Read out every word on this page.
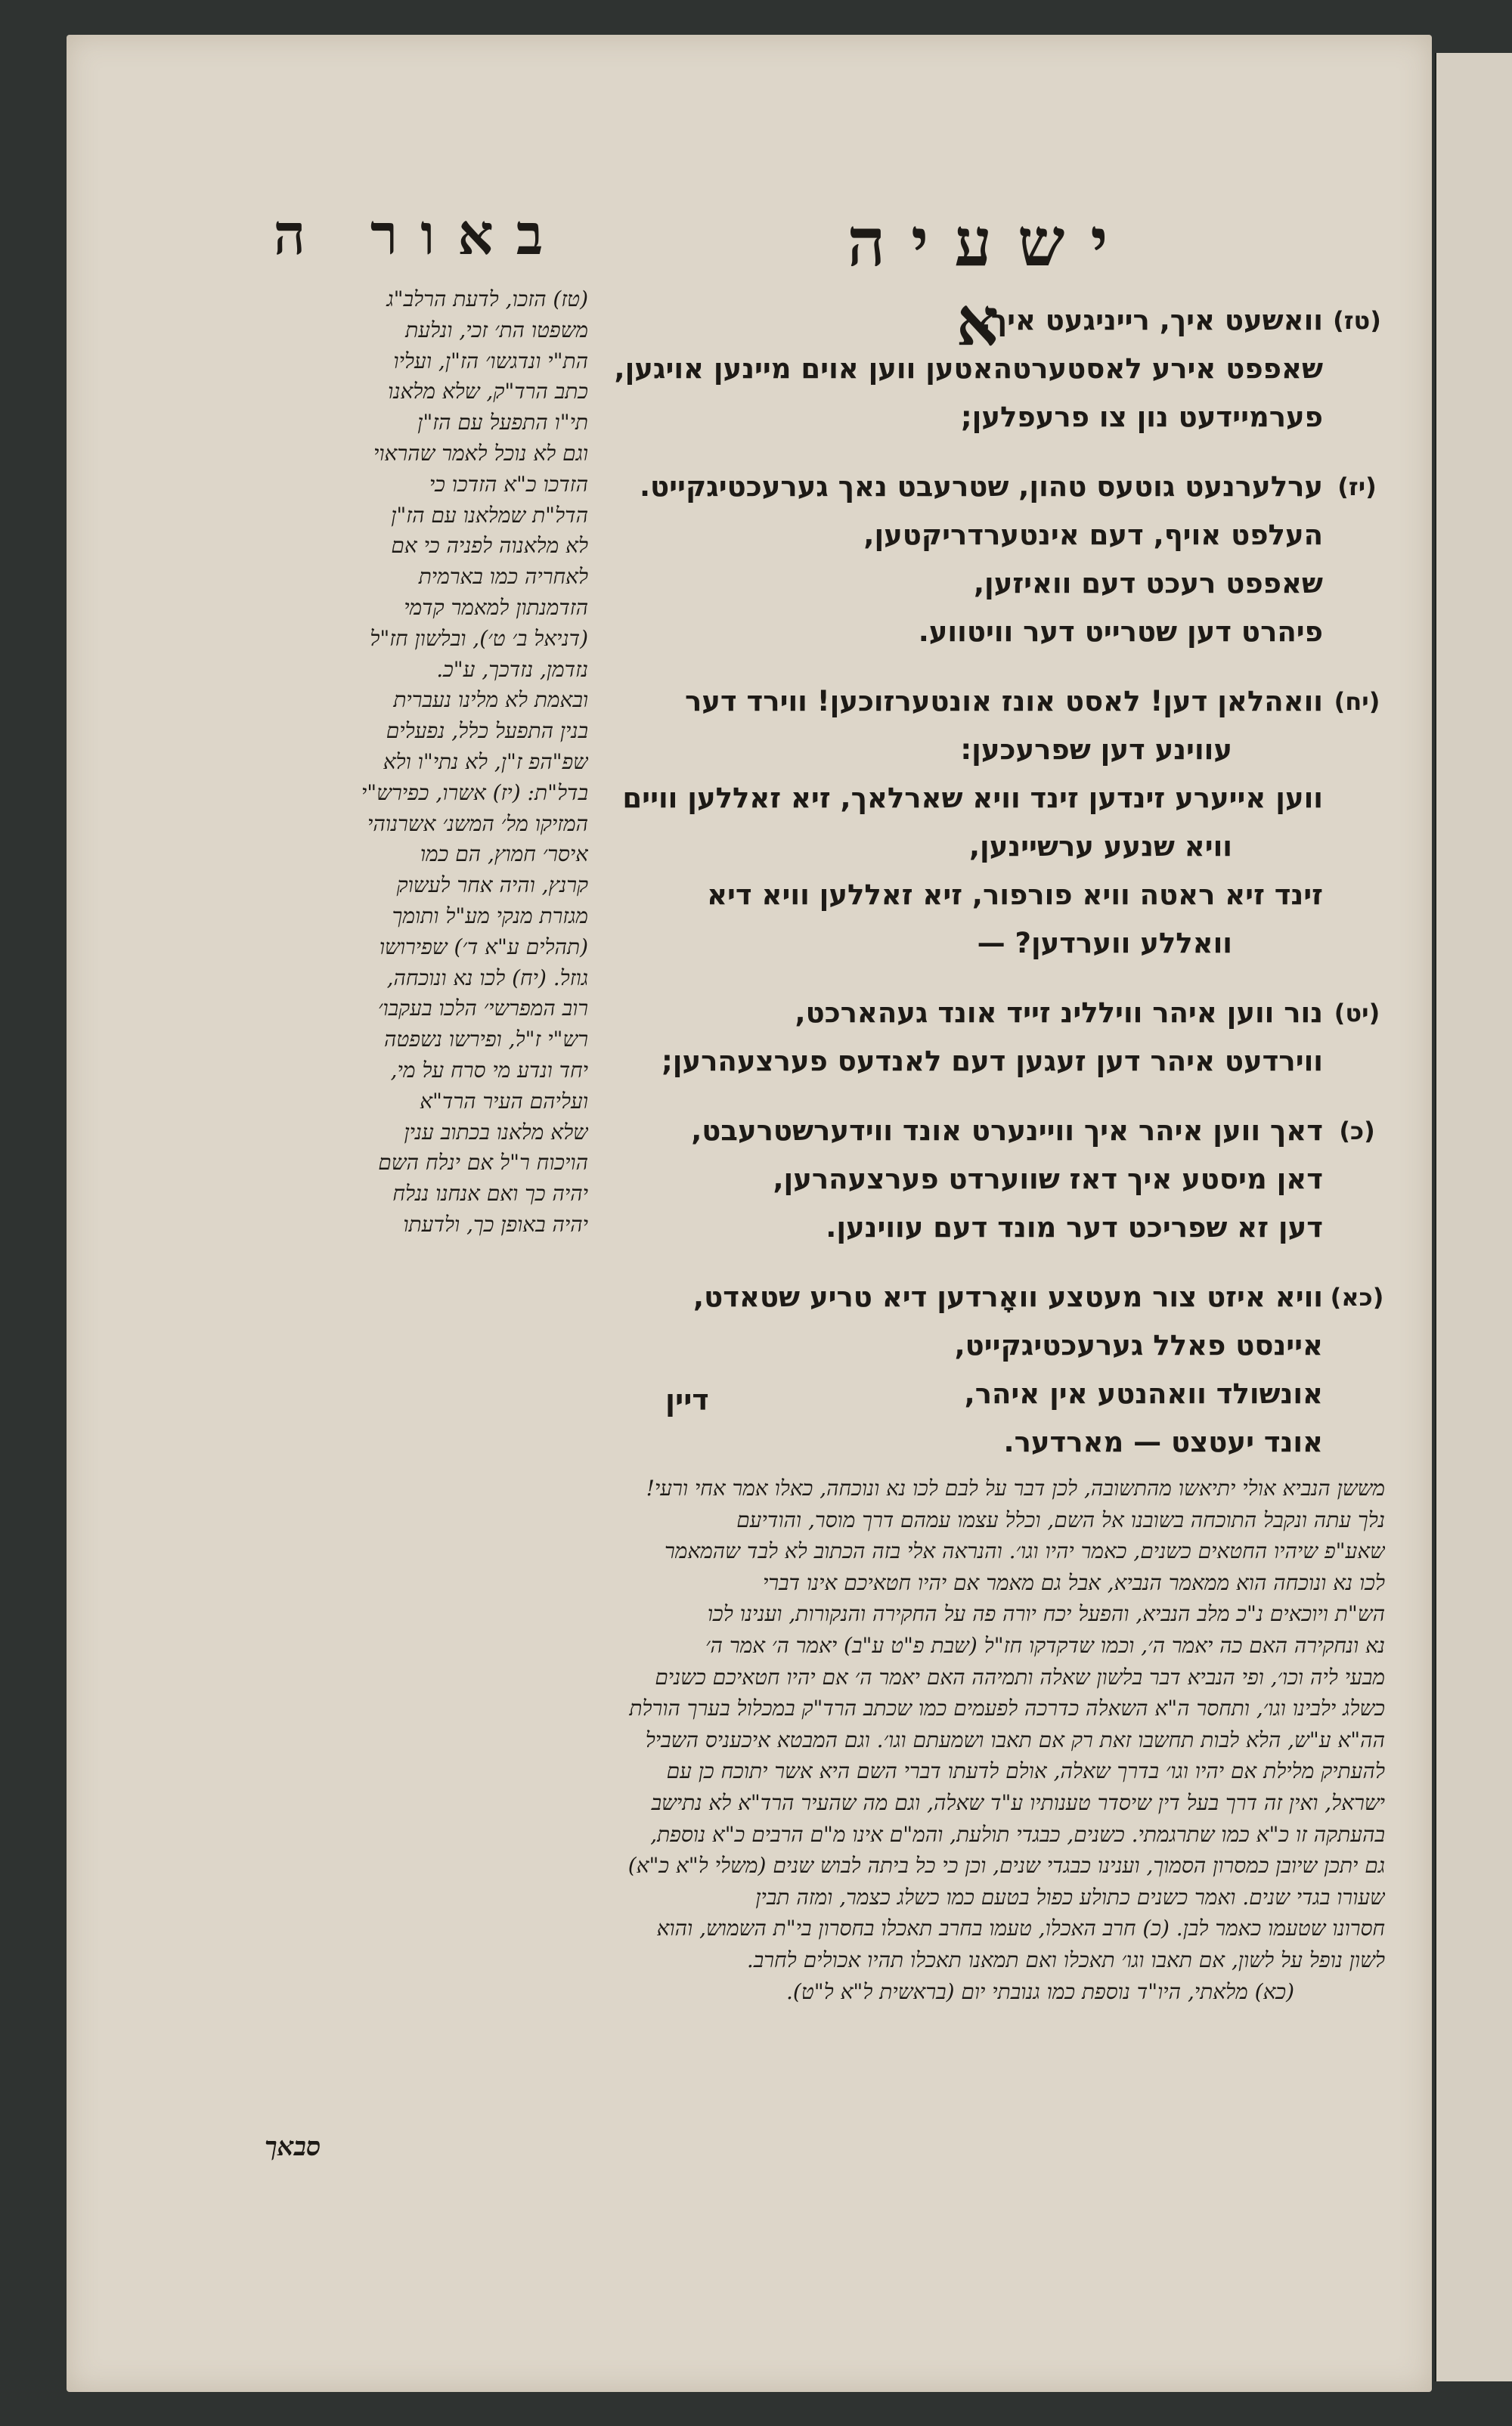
ישעיה א
באור ה
(טז)
וואשעט איך, רייניגעט איך,
שאפפט אירע לאסטערטהאטען ווען אוים מיינען אויגען,
פערמיידעט נון צו פרעפלען;
(יז)
ערלערנעט גוטעס טהון, שטרעבט נאך גערעכטיגקייט.
העלפט אויף, דעם אינטערדריקטען,
שאפפט רעכט דעם וואיזען,
פיהרט דען שטרייט דער וויטווע.
(יח)
וואהלאן דען! לאסט אונז אונטערזוכען! ווירד דער
עווינע דען שפרעכען:
ווען אייערע זינדען זינד וויא שארלאך, זיא זאללען וויים
וויא שנעע ערשיינען,
זינד זיא ראטה וויא פורפור, זיא זאללען וויא דיא
וואללע ווערדען? —
(יט)
נור ווען איהר וויללינ זייד אונד געהארכט,
ווירדעט איהר דען זעגען דעם לאנדעס פערצעהרען;
(כ)
דאך ווען איהר איך וויינערט אונד ווידערשטרעבט,
דאן מיסטע איך דאז שווערדט פערצעהרען,
דען זא שפריכט דער מונד דעם עווינען.
(כא)
וויא איזט צור מעטצע וואָרדען דיא טריע שטאדט,
איינסט פאלל גערעכטיגקייט,
אונשולד וואהנטע אין איהר,
אונד יעטצט — מארדער.
דיין
(טז) הזכו, לדעת הרלב"ג
משפטו הת׳ זכי, ונלעת
הת"י ונדגשו׳ הז"ן, ועליו
כתב הרד"ק, שלא מלאנו
תי"ו התפעל עם הז"ן
וגם לא נוכל לאמר שהראוי
הזדכו כ"א הזדכו כי
הדל"ת שמלאנו עם הז"ן
לא מלאנוה לפניה כי אם
לאחריה כמו בארמית
הזדמנתון למאמר קדמי
(דניאל ב׳ ט׳), ובלשון חז"ל
נזדמן, נזדכך, ע"כ.
ובאמת לא מלינו נעברית
בנין התפעל כלל, נפעלים
שפ"הפ ז"ן, לא נתי"ו ולא
בדל"ת: (יז) אשרו, כפירש"י
המזיקו מל׳ המשנ׳ אשרנוהי
איסר׳ חמוץ, הם כמו
קרנץ, והיה אחר לעשוק
מגזרת מנקי מע"ל ותומך
(תהלים ע"א ד׳) שפירושו
גוזל. (יח) לכו נא ונוכחה,
רוב המפרשי׳ הלכו בעקבו׳
רש"י ז"ל, ופירשו נשפטה
יחד ונדע מי סרח על מי,
ועליהם העיר הרד"א
שלא מלאנו בכתוב ענין
הויכוח ר"ל אם ינלח השם
יהיה כך ואם אנחנו ננלח
יהיה באופן כך, ולדעתו
מששן הנביא אולי יתיאשו מהתשובה, לכן דבר על לבם לכו נא ונוכחה, כאלו אמר אחי ורעי!
נלך עתה ונקבל התוכחה בשובנו אל השם, וכלל עצמו עמהם דרך מוסר, והודיעם
שאע"פ שיהיו החטאים כשנים, כאמר יהיו וגו׳. והנראה אלי בזה הכתוב לא לבד שהמאמר
לכו נא ונוכחה הוא ממאמר הנביא, אבל גם מאמר אם יהיו חטאיכם אינו דברי
הש"ת ויוכאים נ"כ מלב הנביא, והפעל יכח יורה פה על החקירה והנקורות, וענינו לכו
נא ונחקירה האם כה יאמר ה׳, וכמו שדקדקו חז"ל (שבת פ"ט ע"ב) יאמר ה׳ אמר ה׳
מבעי ליה וכו׳, ופי הנביא דבר בלשון שאלה ותמיהה האם יאמר ה׳ אם יהיו חטאיכם כשנים
כשלג ילבינו וגו׳, ותחסר ה"א השאלה כדרכה לפעמים כמו שכתב הרד"ק במכלול בערך הורלת
הה"א ע"ש, הלא לבות תחשבו זאת רק אם תאבו ושמעתם וגו׳. וגם המבטא איכעניס השביל
להעתיק מלילת אם יהיו וגו׳ בדרך שאלה, אולם לדעתו דברי השם היא אשר יתוכח כן עם
ישראל, ואין זה דרך בעל דין שיסדר טענותיו ע"ד שאלה, וגם מה שהעיר הרד"א לא נתישב
בהעתקה זו כ"א כמו שתרגמתי. כשנים, כבגדי תולעת, והמ"ם אינו מ"ם הרבים כ"א נוספת,
גם יתכן שיובן כמסרון הסמוך, וענינו כבגדי שנים, וכן כי כל ביתה לבוש שנים (משלי ל"א כ"א)
שעורו בגדי שנים. ואמר כשנים כתולע כפול בטעם כמו כשלג כצמר, ומזה תבין
חסרונו שטעמו כאמר לבן. (כ) חרב האכלו, טעמו בחרב תאכלו בחסרון בי"ת השמוש, והוא
לשון נופל על לשון, אם תאבו וגו׳ תאכלו ואם תמאנו תאכלו תהיו אכולים לחרב.
(כא) מלאתי, היו"ד נוספת כמו גנובתי יום (בראשית ל"א ל"ט).
סבאך
